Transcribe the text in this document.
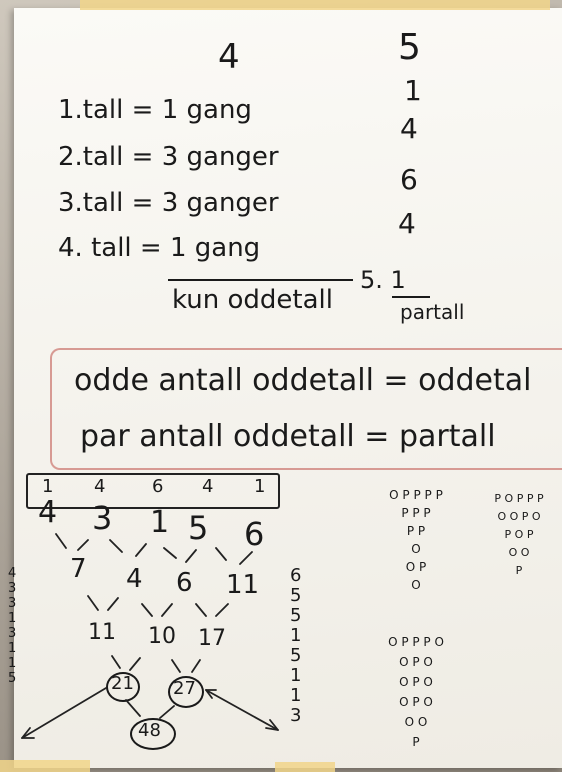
4	5
1.tall = 1 gang
2.tall = 3 ganger
3.tall = 3 ganger
4. tall = 1 gang
1
4
6
4
kun oddetall
5. 1
partall
odde antall oddetall = oddetal
par antall oddetall = partall
1 4	6 4 1
4 3 1 5 6
7 4 6 11
11 10 17
21 27
48
4
3
3
1
3
1
1
5
6
5
5
1
5
1
1
3
O P P P P
P P P
P P
O
O P
O
P O P P P
O O P O
P O P
O O
P
O P P P O
O P O
O P O
O P O
O O
P
